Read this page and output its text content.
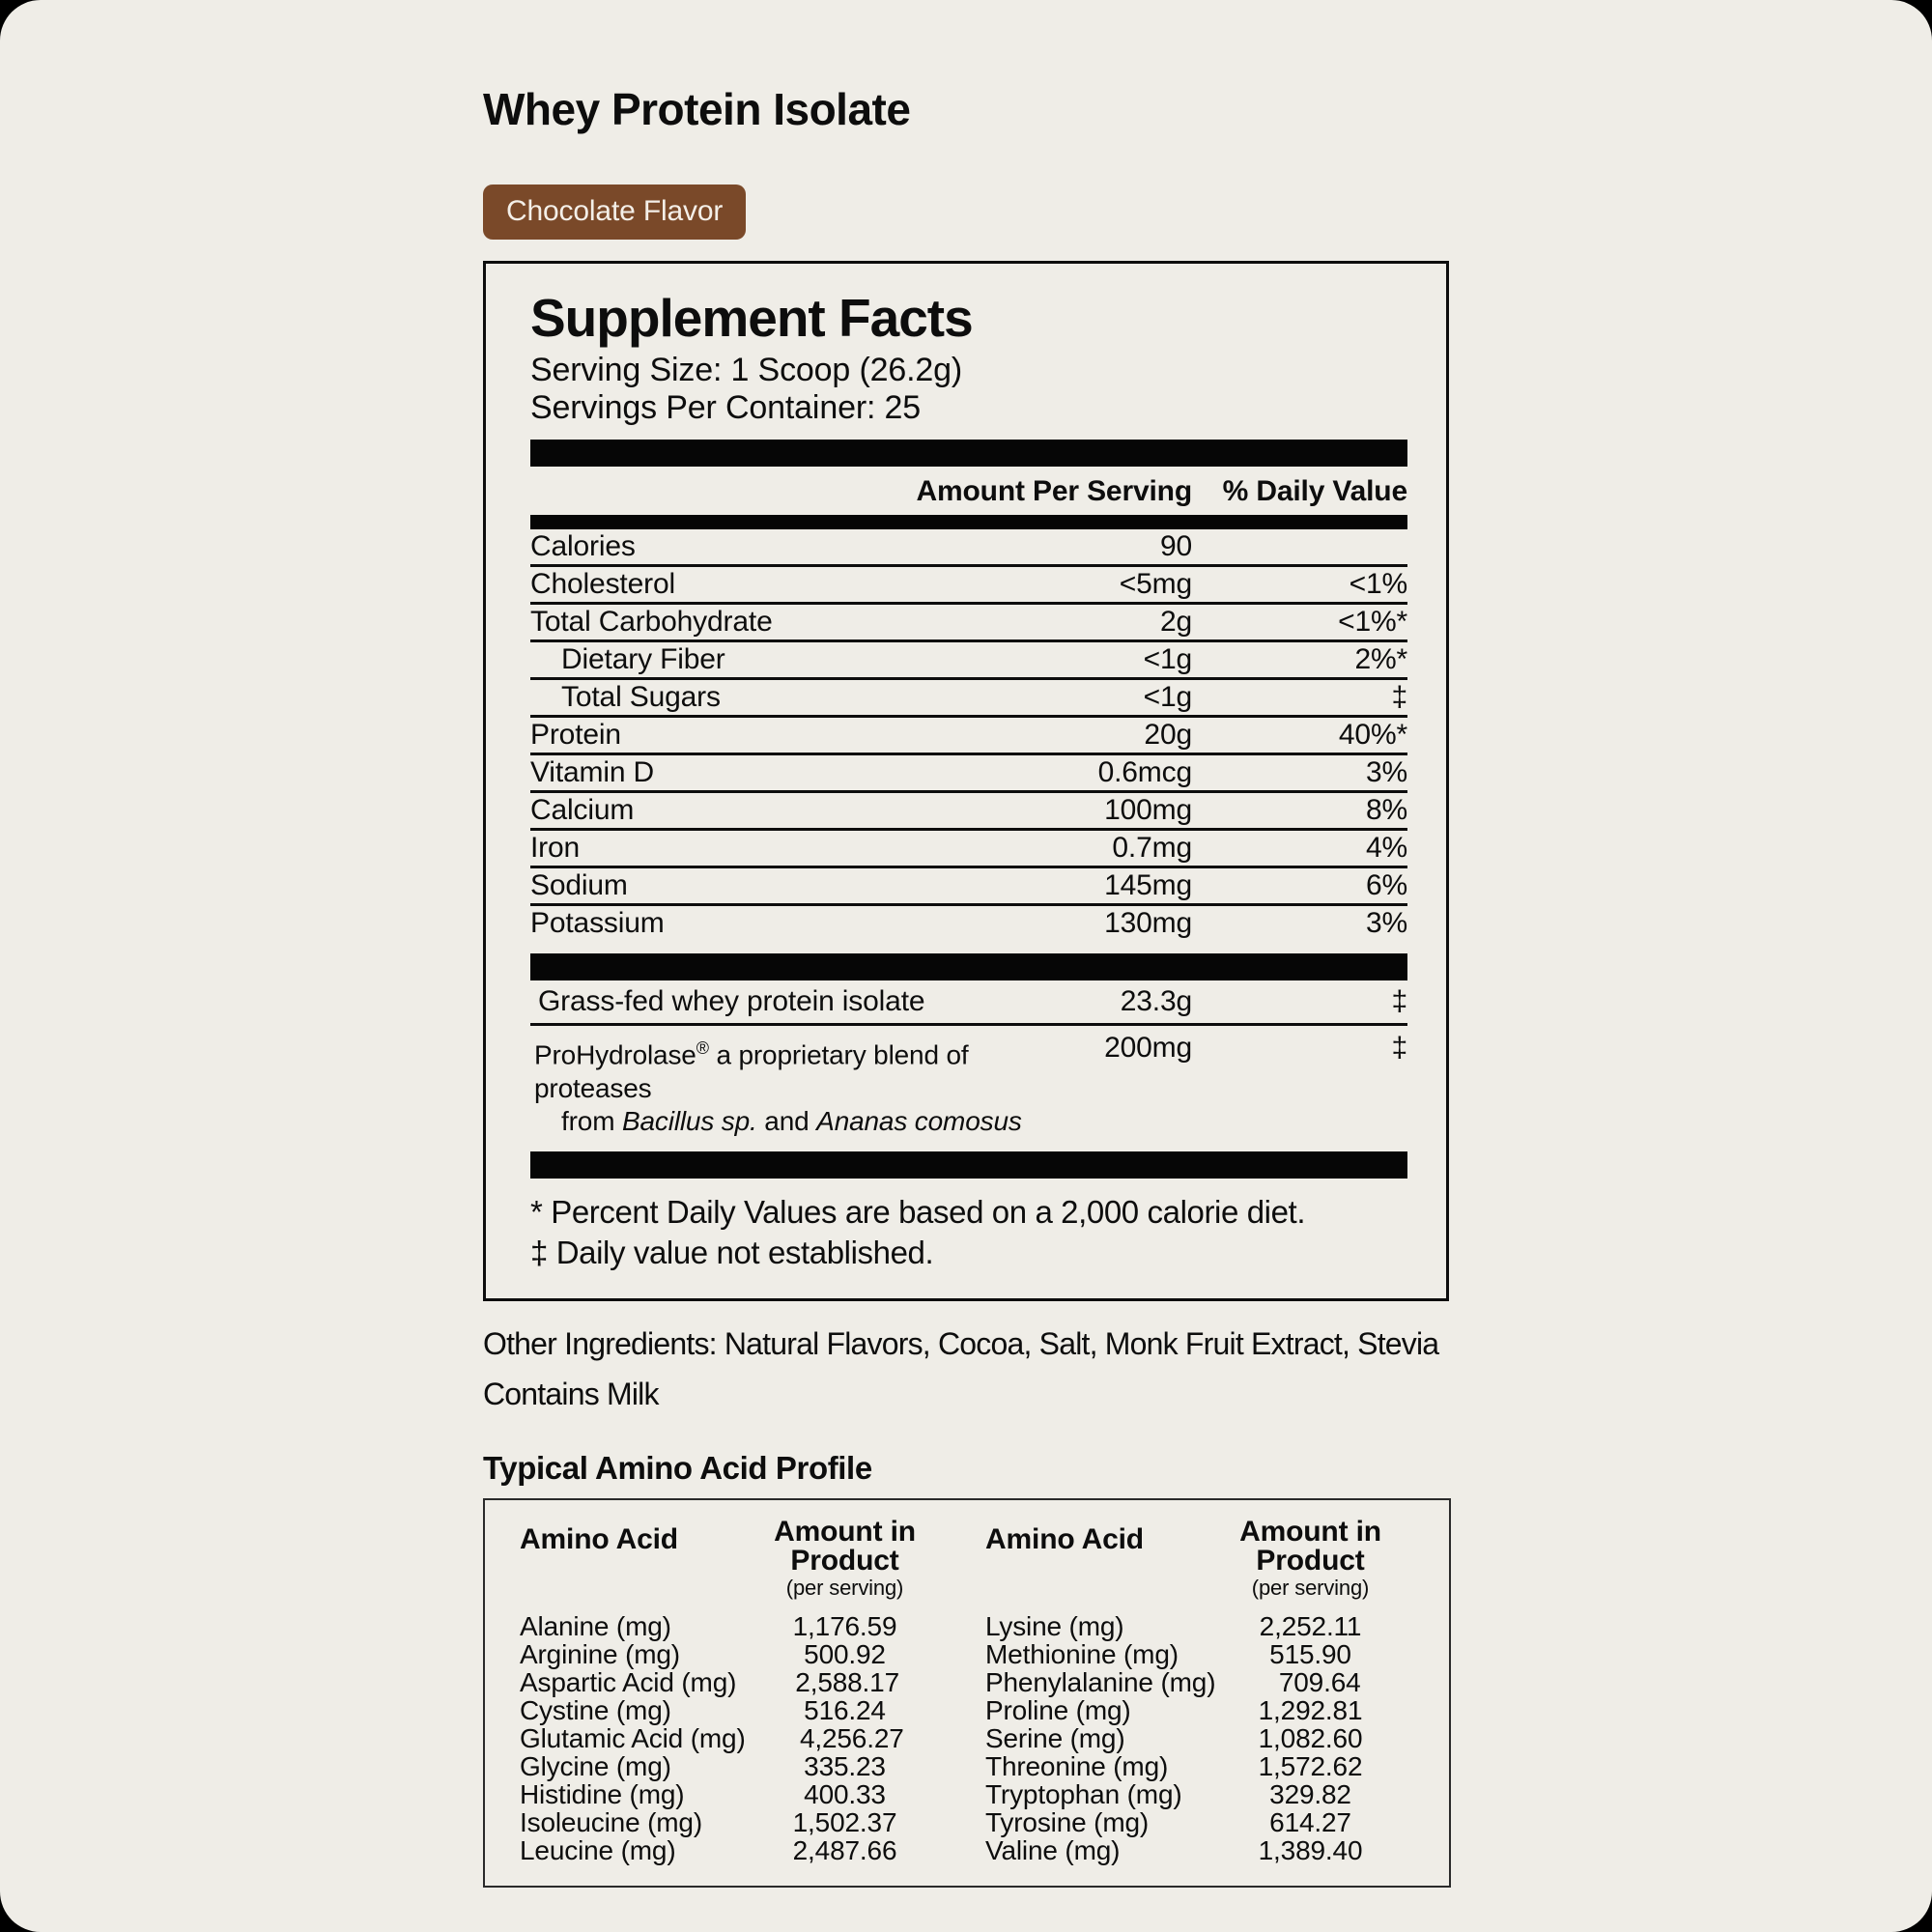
Whey Protein Isolate
Chocolate Flavor
Supplement Facts
Serving Size: 1 Scoop (26.2g)
Servings Per Container: 25
Amount Per Serving	% Daily Value
Calories	90
Cholesterol	<5mg	<1%
Total Carbohydrate	2g	<1%*
Dietary Fiber	<1g	2%*
Total Sugars	<1g	‡
Protein	20g	40%*
Vitamin D	0.6mcg	3%
Calcium	100mg	8%
Iron	0.7mg	4%
Sodium	145mg	6%
Potassium	130mg	3%
Grass-fed whey protein isolate	23.3g	‡
ProHydrolase® a proprietary blend of proteases
from Bacillus sp. and Ananas comosus
200mg	‡
* Percent Daily Values are based on a 2,000 calorie diet.
‡ Daily value not established.
Other Ingredients: Natural Flavors, Cocoa, Salt, Monk Fruit Extract, Stevia
Contains Milk
Typical Amino Acid Profile
Amino Acid	Amount in Product
(per serving)
Alanine (mg)	1,176.59
Arginine (mg)	500.92
Aspartic Acid (mg)	2,588.17
Cystine (mg)	516.24
Glutamic Acid (mg)	4,256.27
Glycine (mg)	335.23
Histidine (mg)	400.33
Isoleucine (mg)	1,502.37
Leucine (mg)	2,487.66
Amino Acid	Amount in Product
(per serving)
Lysine (mg)	2,252.11
Methionine (mg)	515.90
Phenylalanine (mg)	709.64
Proline (mg)	1,292.81
Serine (mg)	1,082.60
Threonine (mg)	1,572.62
Tryptophan (mg)	329.82
Tyrosine (mg)	614.27
Valine (mg)	1,389.40
